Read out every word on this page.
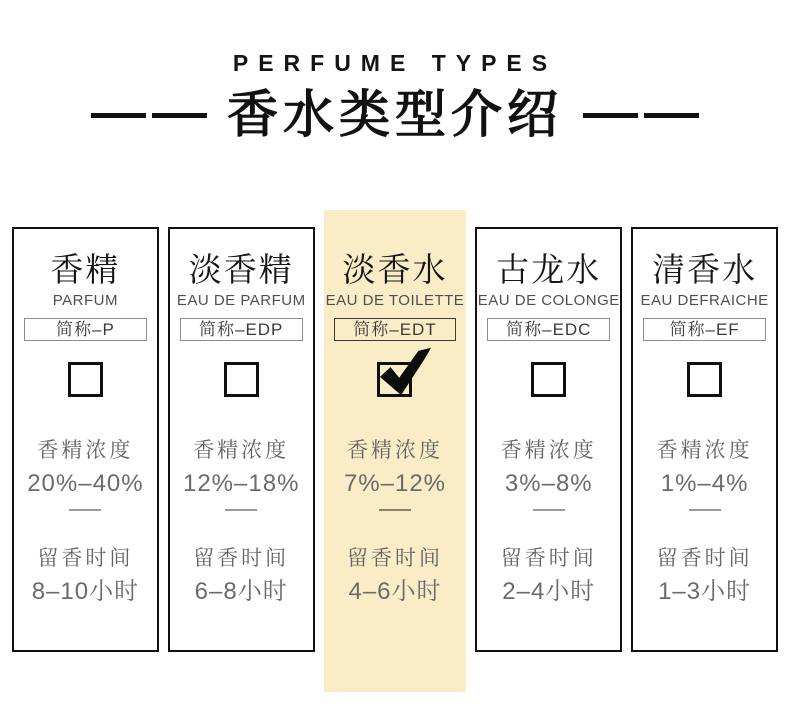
PERFUME TYPES
香水类型介绍
香精
PARFUM
简称–P
香精浓度
20%–40%
留香时间
8–10小时
淡香精
EAU DE PARFUM
简称–EDP
香精浓度
12%–18%
留香时间
6–8小时
淡香水
EAU DE TOILETTE
简称–EDT
香精浓度
7%–12%
留香时间
4–6小时
古龙水
EAU DE COLONGE
简称–EDC
香精浓度
3%–8%
留香时间
2–4小时
清香水
EAU DEFRAICHE
简称–EF
香精浓度
1%–4%
留香时间
1–3小时
